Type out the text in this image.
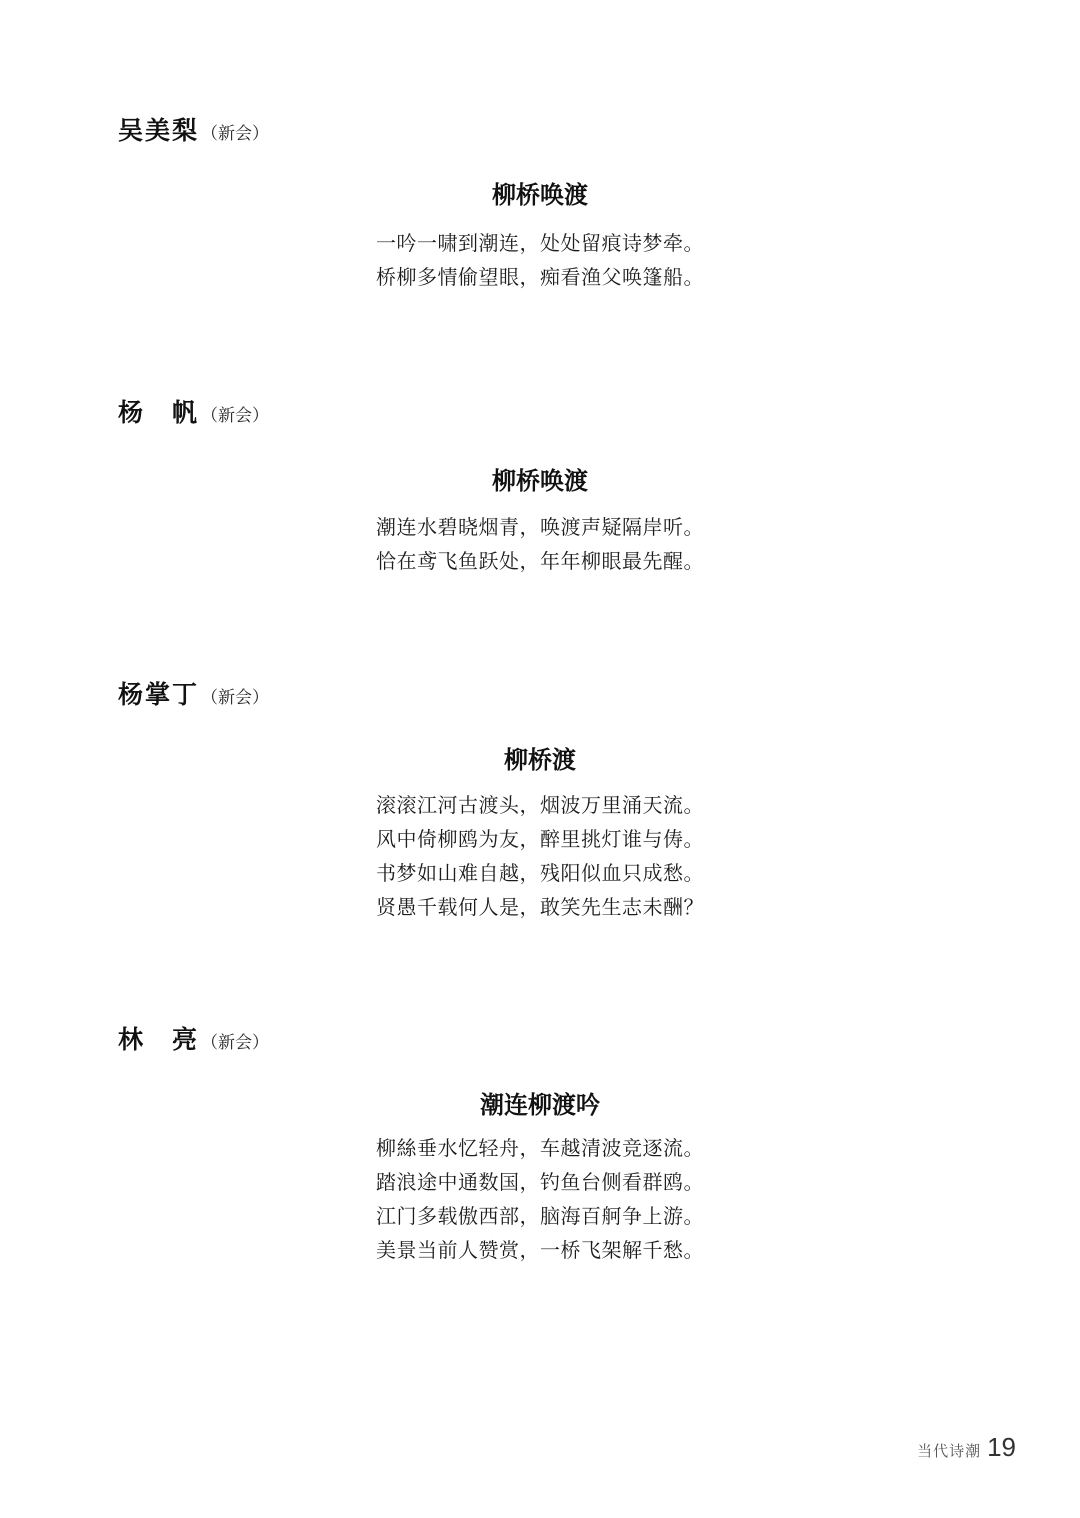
吴美梨 （新会）
柳桥唤渡
一吟一啸到潮连，处处留痕诗梦牵。
桥柳多情偷望眼，痴看渔父唤篷船。
杨　帆 （新会）
柳桥唤渡
潮连水碧晓烟青，唤渡声疑隔岸听。
恰在鸢飞鱼跃处，年年柳眼最先醒。
杨掌丁 （新会）
柳桥渡
滚滚江河古渡头，烟波万里涌天流。
风中倚柳鸥为友，醉里挑灯谁与俦。
书梦如山难自越，残阳似血只成愁。
贤愚千载何人是，敢笑先生志未酬？
林　亮 （新会）
潮连柳渡吟
柳絲垂水忆轻舟，车越清波竞逐流。
踏浪途中通数国，钓鱼台侧看群鸥。
江门多载傲西部，脑海百舸争上游。
美景当前人赞赏，一桥飞架解千愁。
当代诗潮 19
